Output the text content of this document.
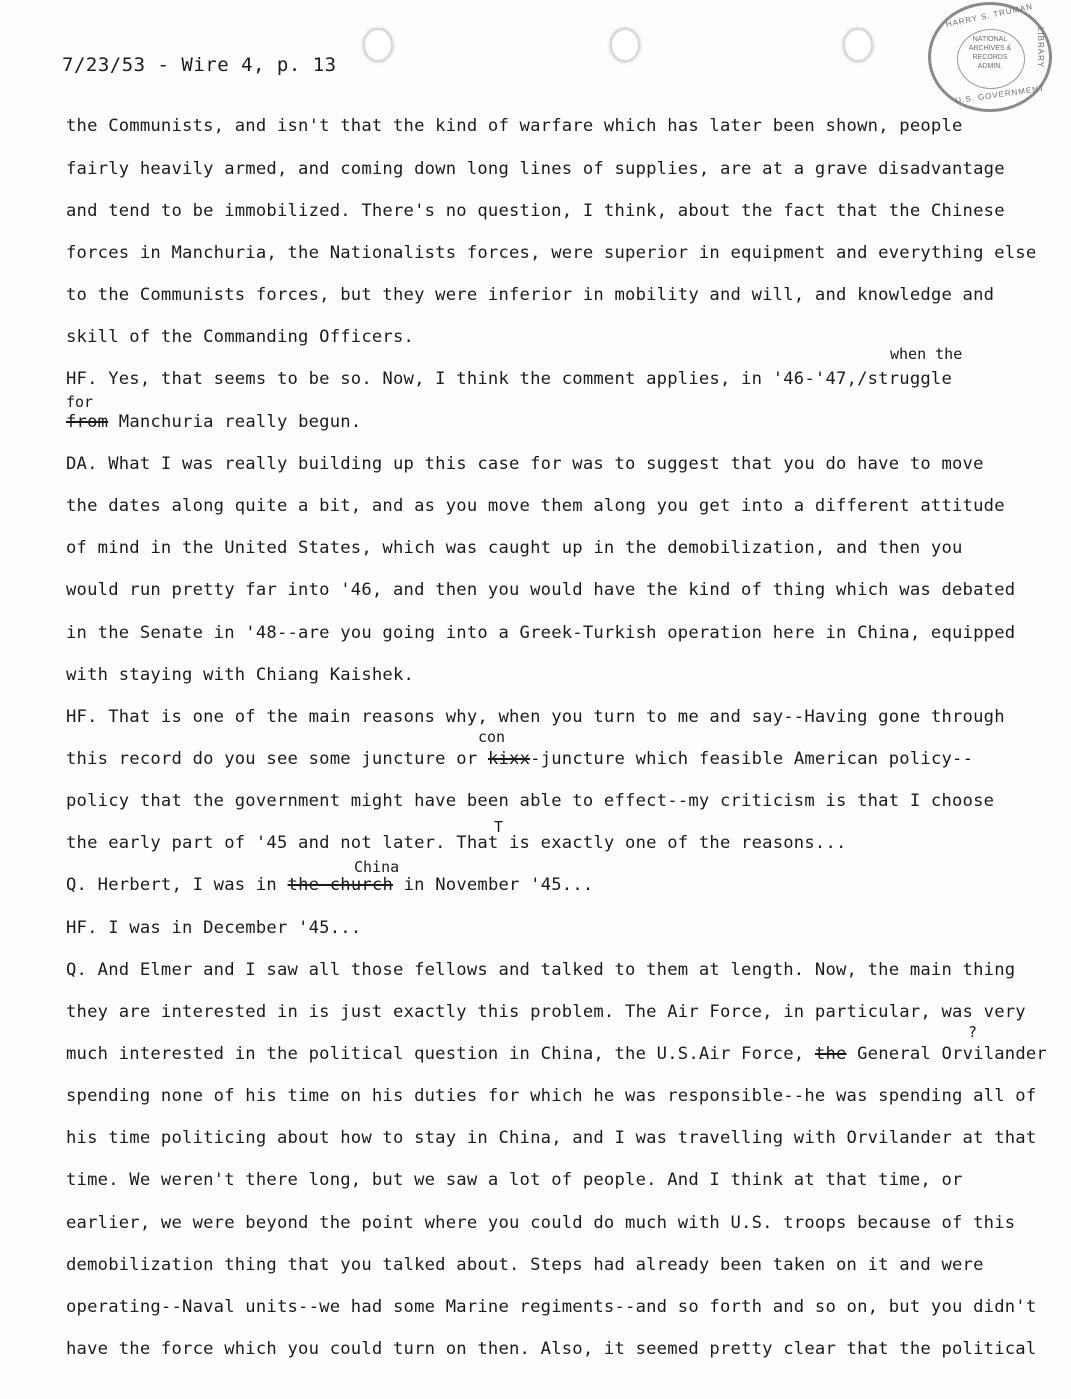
HARRY S. TRUMAN
LIBRARY
NATIONAL
ARCHIVES &
RECORDS
ADMIN.
U.S. GOVERNMENT
7/23/53 - Wire 4, p. 13
the Communists, and isn't that the kind of warfare which has later been shown, people
fairly heavily armed, and coming down long lines of supplies, are at a grave disadvantage
and tend to be immobilized. There's no question, I think, about the fact that the Chinese
forces in Manchuria, the Nationalists forces, were superior in equipment and everything else
to the Communists forces, but they were inferior in mobility and will, and knowledge and
skill of the Commanding Officers.
when the
HF. Yes, that seems to be so. Now, I think the comment applies, in '46-'47,/struggle
for
from Manchuria really begun.
DA. What I was really building up this case for was to suggest that you do have to move
the dates along quite a bit, and as you move them along you get into a different attitude
of mind in the United States, which was caught up in the demobilization, and then you
would run pretty far into '46, and then you would have the kind of thing which was debated
in the Senate in '48--are you going into a Greek-Turkish operation here in China, equipped
with staying with Chiang Kaishek.
HF. That is one of the main reasons why, when you turn to me and say--Having gone through
con
this record do you see some juncture or kixx-juncture which feasible American policy--
policy that the government might have been able to effect--my criticism is that I choose
T
the early part of '45 and not later. That is exactly one of the reasons...
China
Q. Herbert, I was in the church in November '45...
HF. I was in December '45...
Q. And Elmer and I saw all those fellows and talked to them at length. Now, the main thing
they are interested in is just exactly this problem. The Air Force, in particular, was very
?
much interested in the political question in China, the U.S.Air Force, the General Orvilander
spending none of his time on his duties for which he was responsible--he was spending all of
his time politicing about how to stay in China, and I was travelling with Orvilander at that
time. We weren't there long, but we saw a lot of people. And I think at that time, or
earlier, we were beyond the point where you could do much with U.S. troops because of this
demobilization thing that you talked about. Steps had already been taken on it and were
operating--Naval units--we had some Marine regiments--and so forth and so on, but you didn't
have the force which you could turn on then. Also, it seemed pretty clear that the political
